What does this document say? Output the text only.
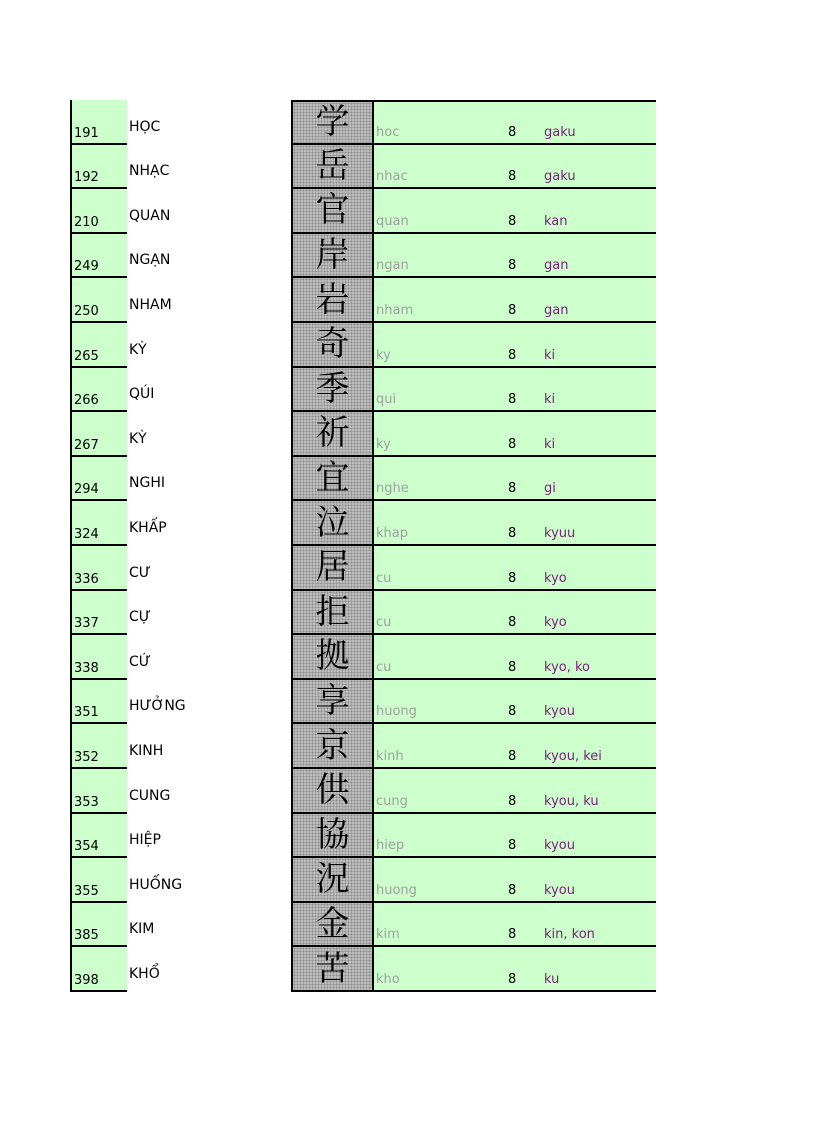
191 HỌC	学 hoc	8 gaku
192 NHẠC	岳 nhac	8 gaku
210 QUAN	官 quan	8 kan
249 NGẠN	岸 ngan	8 gan
250 NHAM	岩 nham	8 gan
265 KỲ	奇 ky	8 ki
266 QÚI	季 qui	8 ki
267 KỲ	祈 ky	8 ki
294 NGHI	宜 nghe	8 gi
324 KHẤP	泣 khap	8 kyuu
336 CƯ	居 cu	8 kyo
337 CỰ	拒 cu	8 kyo
338 CỨ	拠 cu	8 kyo, ko
351 HƯỞNG	享 huong	8 kyou
352 KINH	京 kinh	8 kyou, kei
353 CUNG	供 cung	8 kyou, ku
354 HIỆP	協 hiep	8 kyou
355 HUỐNG	況 huong	8 kyou
385 KIM	金 kim	8 kin, kon
398 KHỔ	苦 kho	8 ku
